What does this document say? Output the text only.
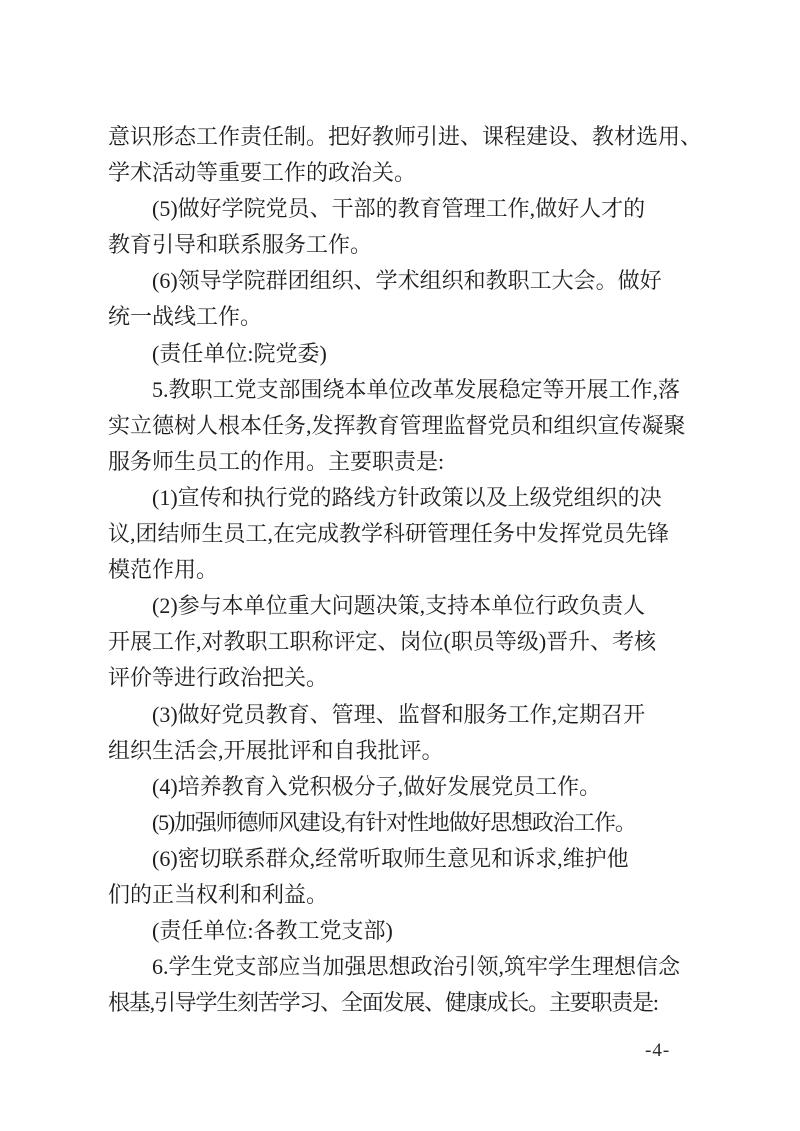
意识形态工作责任制。把好教师引进、课程建设、教材选用、
学术活动等重要工作的政治关。
(5)做好学院党员、干部的教育管理工作,做好人才的
教育引导和联系服务工作。
(6)领导学院群团组织、学术组织和教职工大会。做好
统一战线工作。
(责任单位:院党委)
5.教职工党支部围绕本单位改革发展稳定等开展工作,落
实立德树人根本任务,发挥教育管理监督党员和组织宣传凝聚
服务师生员工的作用。主要职责是:
(1)宣传和执行党的路线方针政策以及上级党组织的决
议,团结师生员工,在完成教学科研管理任务中发挥党员先锋
模范作用。
(2)参与本单位重大问题决策,支持本单位行政负责人
开展工作,对教职工职称评定、岗位(职员等级)晋升、考核
评价等进行政治把关。
(3)做好党员教育、管理、监督和服务工作,定期召开
组织生活会,开展批评和自我批评。
(4)培养教育入党积极分子,做好发展党员工作。
(5)加强师德师风建设,有针对性地做好思想政治工作。
(6)密切联系群众,经常听取师生意见和诉求,维护他
们的正当权利和利益。
(责任单位:各教工党支部)
6.学生党支部应当加强思想政治引领,筑牢学生理想信念
根基,引导学生刻苦学习、全面发展、健康成长。主要职责是:
-4-
